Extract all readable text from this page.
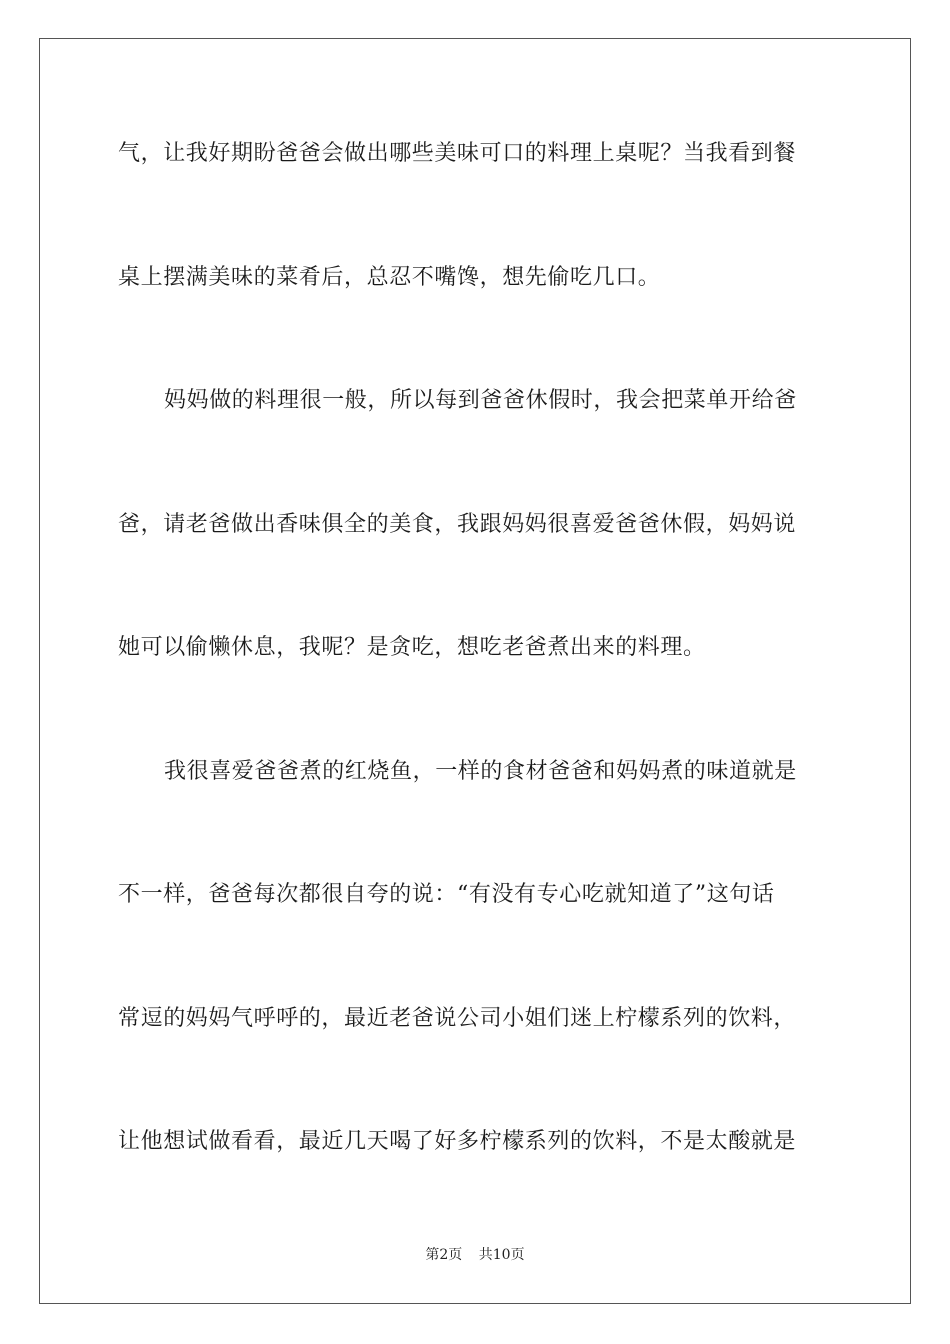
气，让我好期盼爸爸会做出哪些美味可口的料理上桌呢？当我看到餐
桌上摆满美味的菜肴后，总忍不嘴馋，想先偷吃几口。
妈妈做的料理很一般，所以每到爸爸休假时，我会把菜单开给爸
爸，请老爸做出香味俱全的美食，我跟妈妈很喜爱爸爸休假，妈妈说
她可以偷懒休息，我呢？是贪吃，想吃老爸煮出来的料理。
我很喜爱爸爸煮的红烧鱼，一样的食材爸爸和妈妈煮的味道就是
不一样，爸爸每次都很自夸的说：“有没有专心吃就知道了”这句话
常逗的妈妈气呼呼的，最近老爸说公司小姐们迷上柠檬系列的饮料，
让他想试做看看，最近几天喝了好多柠檬系列的饮料，不是太酸就是
第2页 共10页
